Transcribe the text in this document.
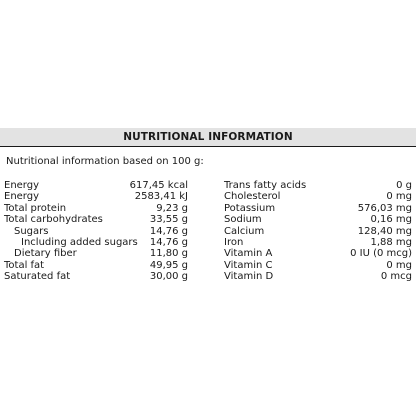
NUTRITIONAL INFORMATION
Nutritional information based on 100 g:
Energy	617,45 kcal
Energy	2583,41 kJ
Total protein	9,23 g
Total carbohydrates	33,55 g
Sugars	14,76 g
Including added sugars 14,76 g
Dietary fiber	11,80 g
Total fat	49,95 g
Saturated fat	30,00 g
Trans fatty acids	0 g
Cholesterol	0 mg
Potassium	576,03 mg
Sodium	0,16 mg
Calcium	128,40 mg
Iron	1,88 mg
Vitamin A	0 IU (0 mcg)
Vitamin C	0 mg
Vitamin D	0 mcg
